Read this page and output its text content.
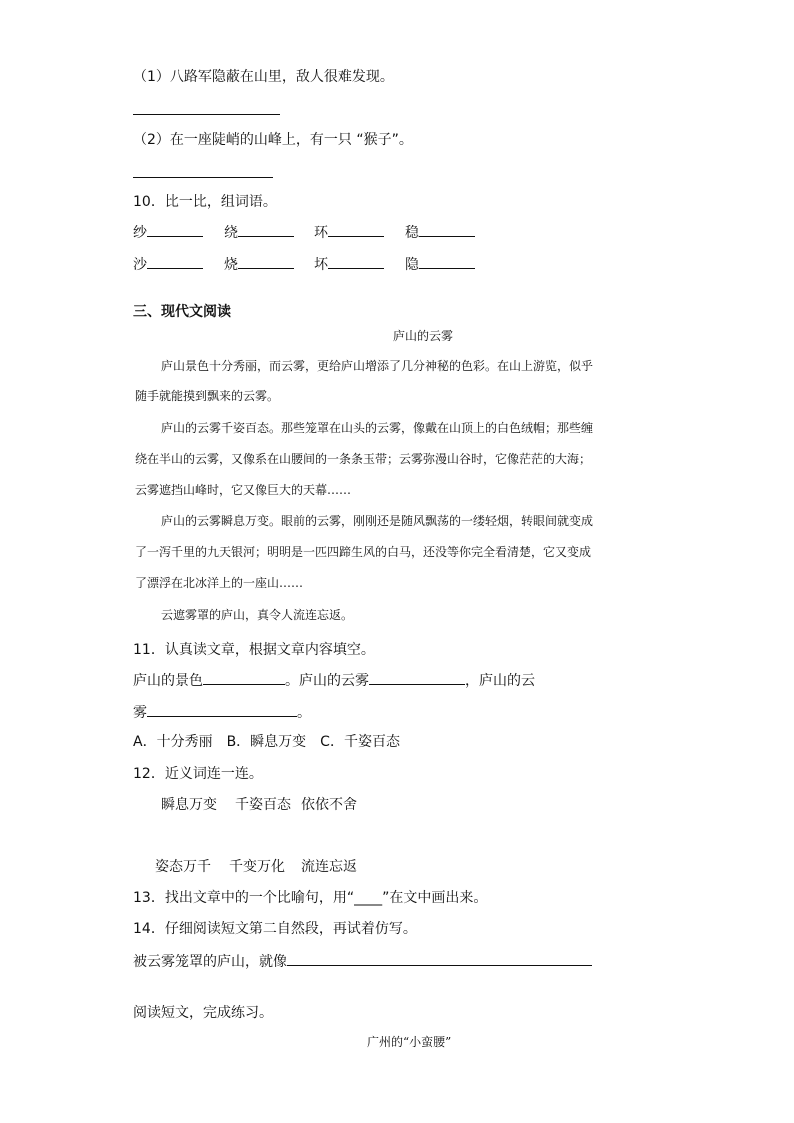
（1）八路军隐蔽在山里，敌人很难发现。
（2）在一座陡峭的山峰上，有一只 “猴子”。
10．比一比，组词语。
纱	绕	环	稳
沙	烧	坏	隐
三、现代文阅读
庐山的云雾
庐山景色十分秀丽，而云雾，更给庐山增添了几分神秘的色彩。在山上游览，似乎
随手就能摸到飘来的云雾。
庐山的云雾千姿百态。那些笼罩在山头的云雾，像戴在山顶上的白色绒帽；那些缠
绕在半山的云雾，又像系在山腰间的一条条玉带；云雾弥漫山谷时，它像茫茫的大海；
云雾遮挡山峰时，它又像巨大的天幕……
庐山的云雾瞬息万变。眼前的云雾，刚刚还是随风飘荡的一缕轻烟，转眼间就变成
了一泻千里的九天银河；明明是一匹四蹄生风的白马，还没等你完全看清楚，它又变成
了漂浮在北冰洋上的一座山……
云遮雾罩的庐山，真令人流连忘返。
11．认真读文章，根据文章内容填空。
庐山的景色	。庐山的云雾	，庐山的云
雾	。
A．十分秀丽　B．瞬息万变　C．千姿百态
12．近义词连一连。
瞬息万变 千姿百态 依依不舍
姿态万千 千变万化 流连忘返
13．找出文章中的一个比喻句，用“____”在文中画出来。
14．仔细阅读短文第二自然段，再试着仿写。
被云雾笼罩的庐山，就像
阅读短文，完成练习。
广州的“小蛮腰”
